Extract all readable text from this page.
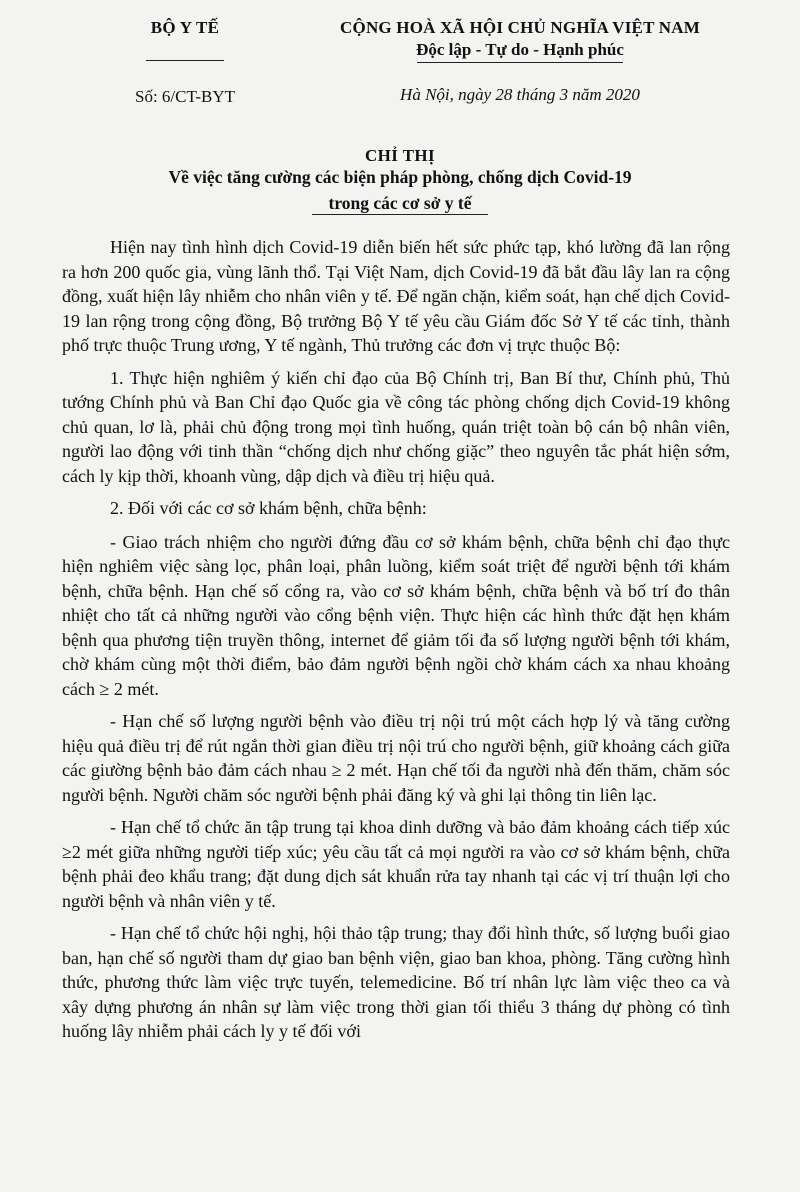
BỘ Y TẾ
Số: 6/CT-BYT
CỘNG HOÀ XÃ HỘI CHỦ NGHĨA VIỆT NAM
Độc lập - Tự do - Hạnh phúc
Hà Nội, ngày 28 tháng 3 năm 2020
CHỈ THỊ
Về việc tăng cường các biện pháp phòng, chống dịch Covid-19
trong các cơ sở y tế

Hiện nay tình hình dịch Covid-19 diễn biến hết sức phức tạp, khó lường đã lan rộng ra hơn 200 quốc gia, vùng lãnh thổ. Tại Việt Nam, dịch Covid-19 đã bắt đầu lây lan ra cộng đồng, xuất hiện lây nhiễm cho nhân viên y tế. Để ngăn chặn, kiểm soát, hạn chế dịch Covid-19 lan rộng trong cộng đồng, Bộ trưởng Bộ Y tế yêu cầu Giám đốc Sở Y tế các tỉnh, thành phố trực thuộc Trung ương, Y tế ngành, Thủ trưởng các đơn vị trực thuộc Bộ:

1. Thực hiện nghiêm ý kiến chỉ đạo của Bộ Chính trị, Ban Bí thư, Chính phủ, Thủ tướng Chính phủ và Ban Chỉ đạo Quốc gia về công tác phòng chống dịch Covid-19 không chủ quan, lơ là, phải chủ động trong mọi tình huống, quán triệt toàn bộ cán bộ nhân viên, người lao động với tinh thần “chống dịch như chống giặc” theo nguyên tắc phát hiện sớm, cách ly kịp thời, khoanh vùng, dập dịch và điều trị hiệu quả.

2. Đối với các cơ sở khám bệnh, chữa bệnh:

- Giao trách nhiệm cho người đứng đầu cơ sở khám bệnh, chữa bệnh chỉ đạo thực hiện nghiêm việc sàng lọc, phân loại, phân luồng, kiểm soát triệt để người bệnh tới khám bệnh, chữa bệnh. Hạn chế số cổng ra, vào cơ sở khám bệnh, chữa bệnh và bố trí đo thân nhiệt cho tất cả những người vào cổng bệnh viện. Thực hiện các hình thức đặt hẹn khám bệnh qua phương tiện truyền thông, internet để giảm tối đa số lượng người bệnh tới khám, chờ khám cùng một thời điểm, bảo đảm người bệnh ngồi chờ khám cách xa nhau khoảng cách ≥ 2 mét.

- Hạn chế số lượng người bệnh vào điều trị nội trú một cách hợp lý và tăng cường hiệu quả điều trị để rút ngắn thời gian điều trị nội trú cho người bệnh, giữ khoảng cách giữa các giường bệnh bảo đảm cách nhau ≥ 2 mét. Hạn chế tối đa người nhà đến thăm, chăm sóc người bệnh. Người chăm sóc người bệnh phải đăng ký và ghi lại thông tin liên lạc.

- Hạn chế tổ chức ăn tập trung tại khoa dinh dưỡng và bảo đảm khoảng cách tiếp xúc ≥2 mét giữa những người tiếp xúc; yêu cầu tất cả mọi người ra vào cơ sở khám bệnh, chữa bệnh phải đeo khẩu trang; đặt dung dịch sát khuẩn rửa tay nhanh tại các vị trí thuận lợi cho người bệnh và nhân viên y tế.

- Hạn chế tổ chức hội nghị, hội thảo tập trung; thay đổi hình thức, số lượng buổi giao ban, hạn chế số người tham dự giao ban bệnh viện, giao ban khoa, phòng. Tăng cường hình thức, phương thức làm việc trực tuyến, telemedicine. Bố trí nhân lực làm việc theo ca và xây dựng phương án nhân sự làm việc trong thời gian tối thiểu 3 tháng dự phòng có tình huống lây nhiễm phải cách ly y tế đối với
